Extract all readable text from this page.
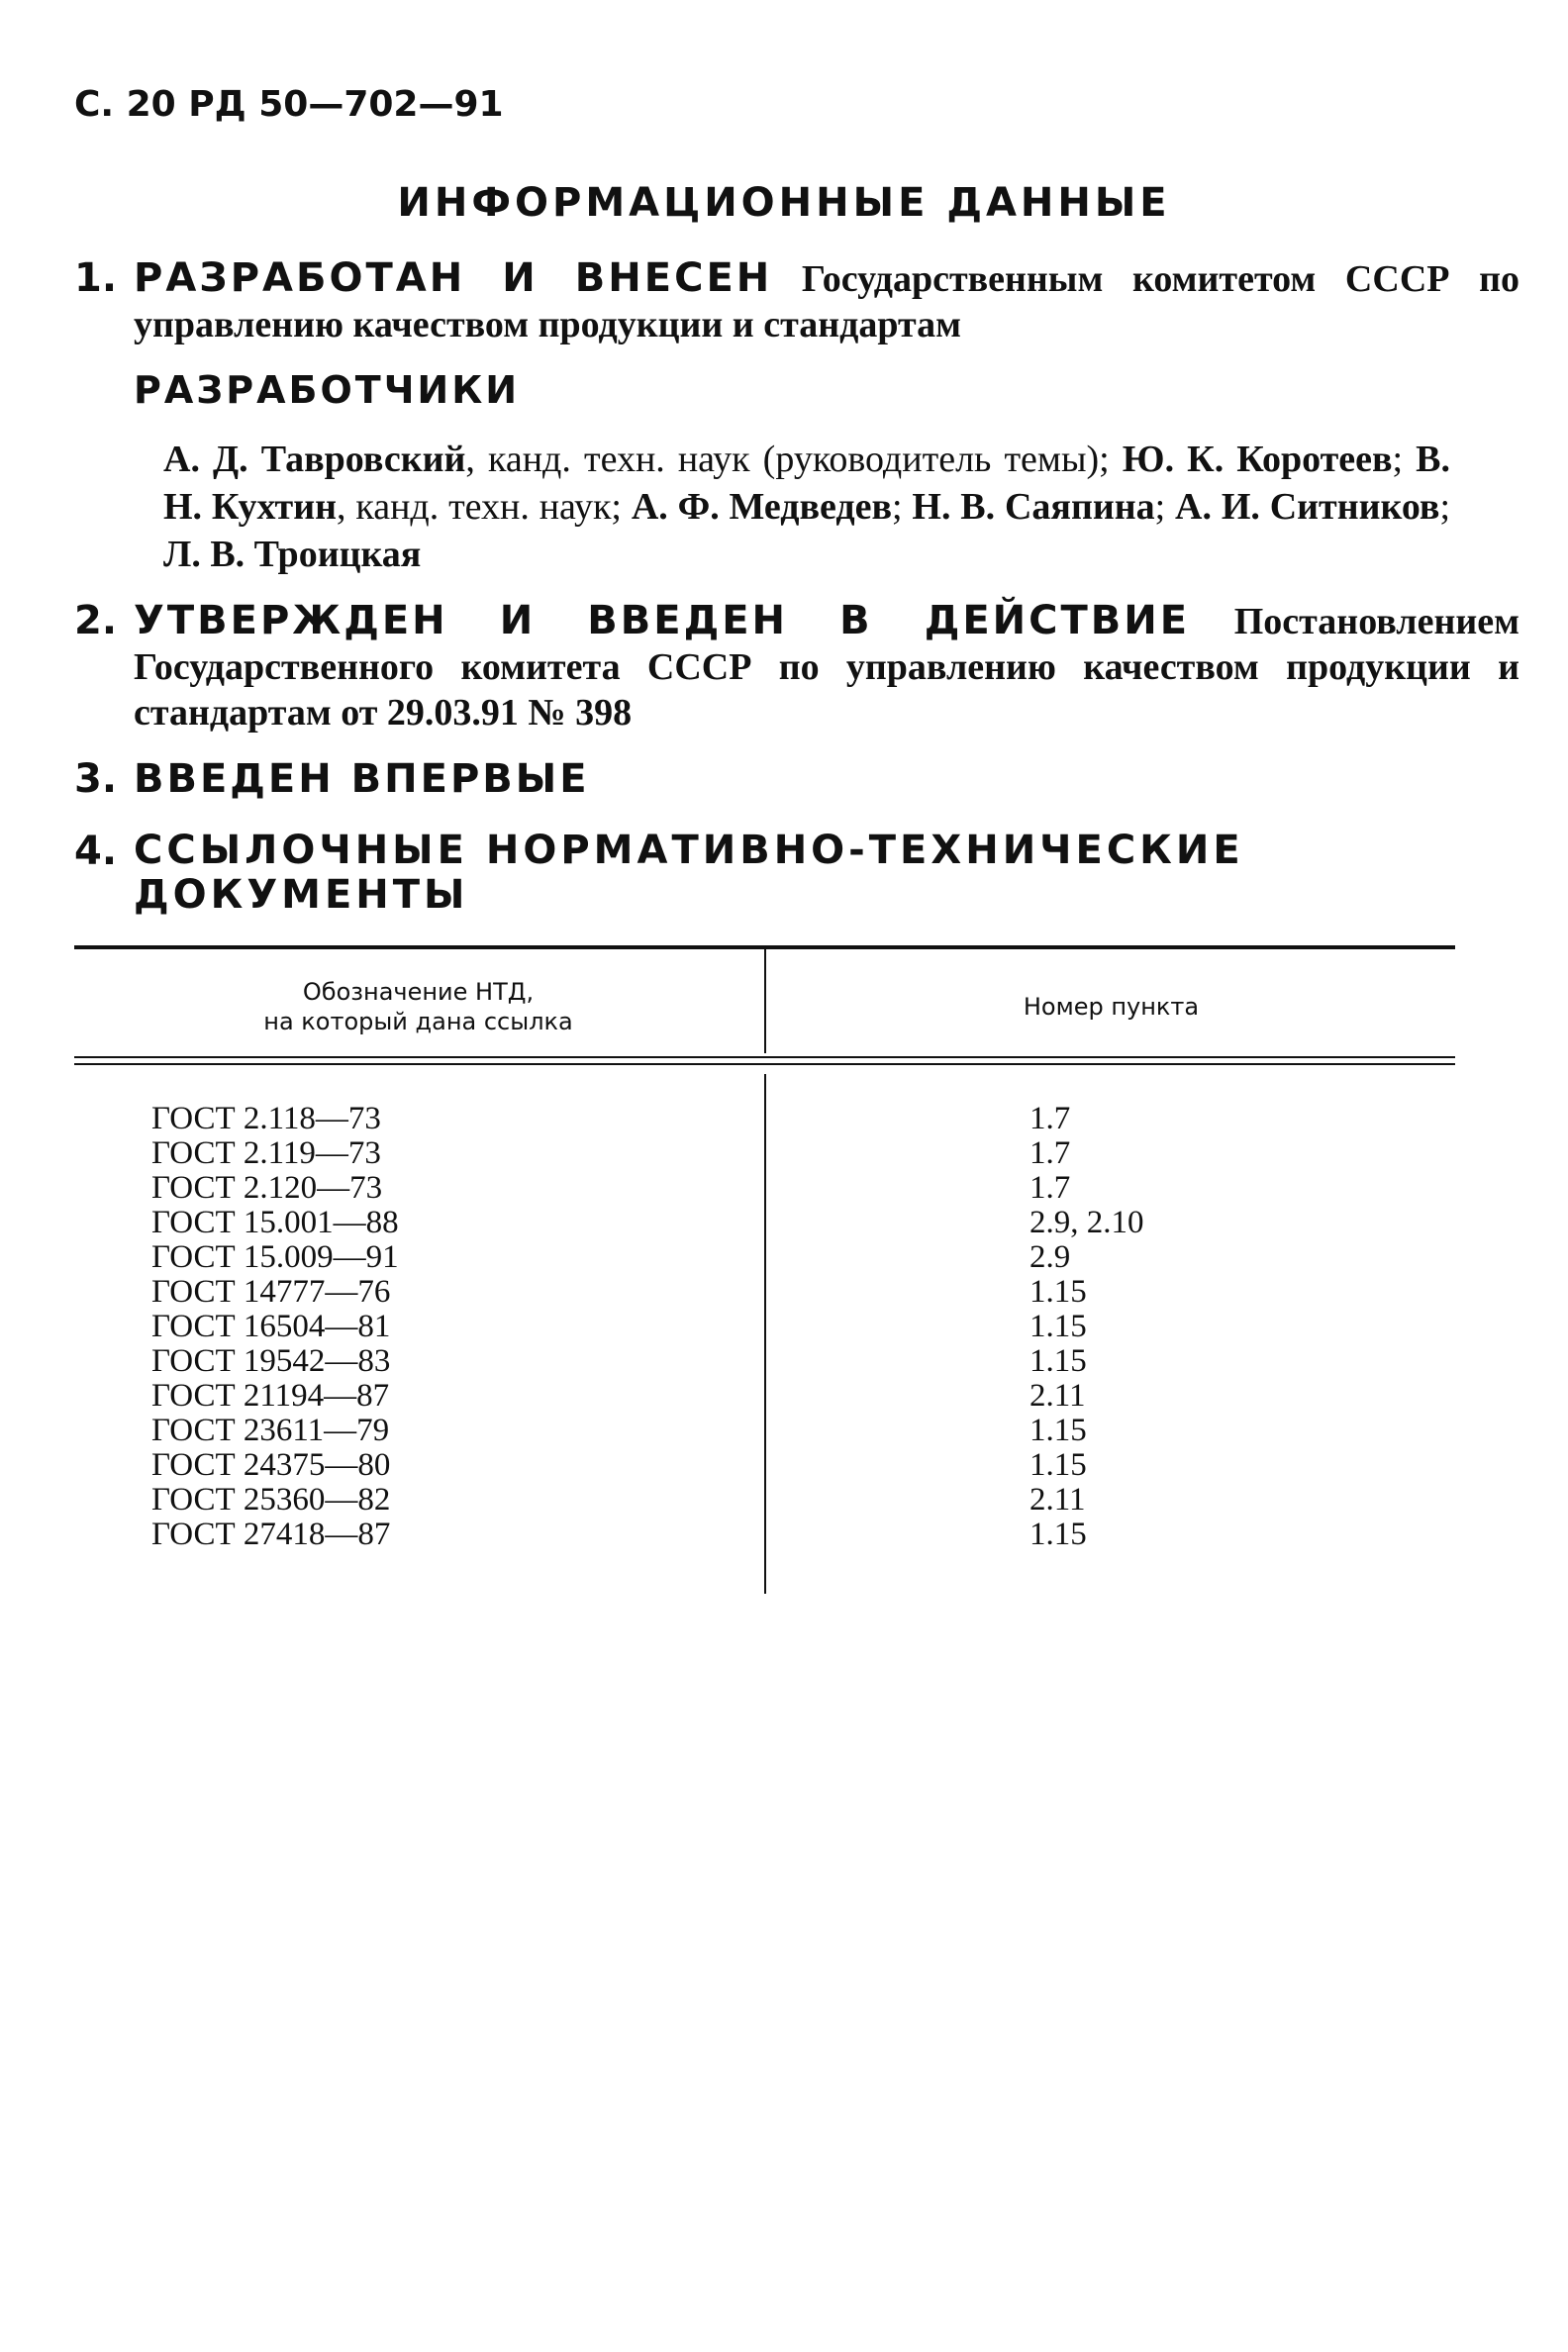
С. 20 РД 50—702—91
ИНФОРМАЦИОННЫЕ ДАННЫЕ
1. РАЗРАБОТАН И ВНЕСЕН Государственным комитетом СССР по управлению качеством продукции и стандартам
РАЗРАБОТЧИКИ
А. Д. Тавровский, канд. техн. наук (руководитель темы); Ю. К. Коротеев; В. Н. Кухтин, канд. техн. наук; А. Ф. Медведев; Н. В. Саяпина; А. И. Ситников; Л. В. Троицкая
2. УТВЕРЖДЕН И ВВЕДЕН В ДЕЙСТВИЕ Постановлением Государственного комитета СССР по управлению качеством продукции и стандартам от 29.03.91 № 398
3. ВВЕДЕН ВПЕРВЫЕ
4. ССЫЛОЧНЫЕ НОРМАТИВНО-ТЕХНИЧЕСКИЕ ДОКУМЕНТЫ
Обозначение НТД,
на который дана ссылка
Номер пункта
ГОСТ 2.118—73
ГОСТ 2.119—73
ГОСТ 2.120—73
ГОСТ 15.001—88
ГОСТ 15.009—91
ГОСТ 14777—76
ГОСТ 16504—81
ГОСТ 19542—83
ГОСТ 21194—87
ГОСТ 23611—79
ГОСТ 24375—80
ГОСТ 25360—82
ГОСТ 27418—87
1.7
1.7
1.7
2.9, 2.10
2.9
1.15
1.15
1.15
2.11
1.15
1.15
2.11
1.15
